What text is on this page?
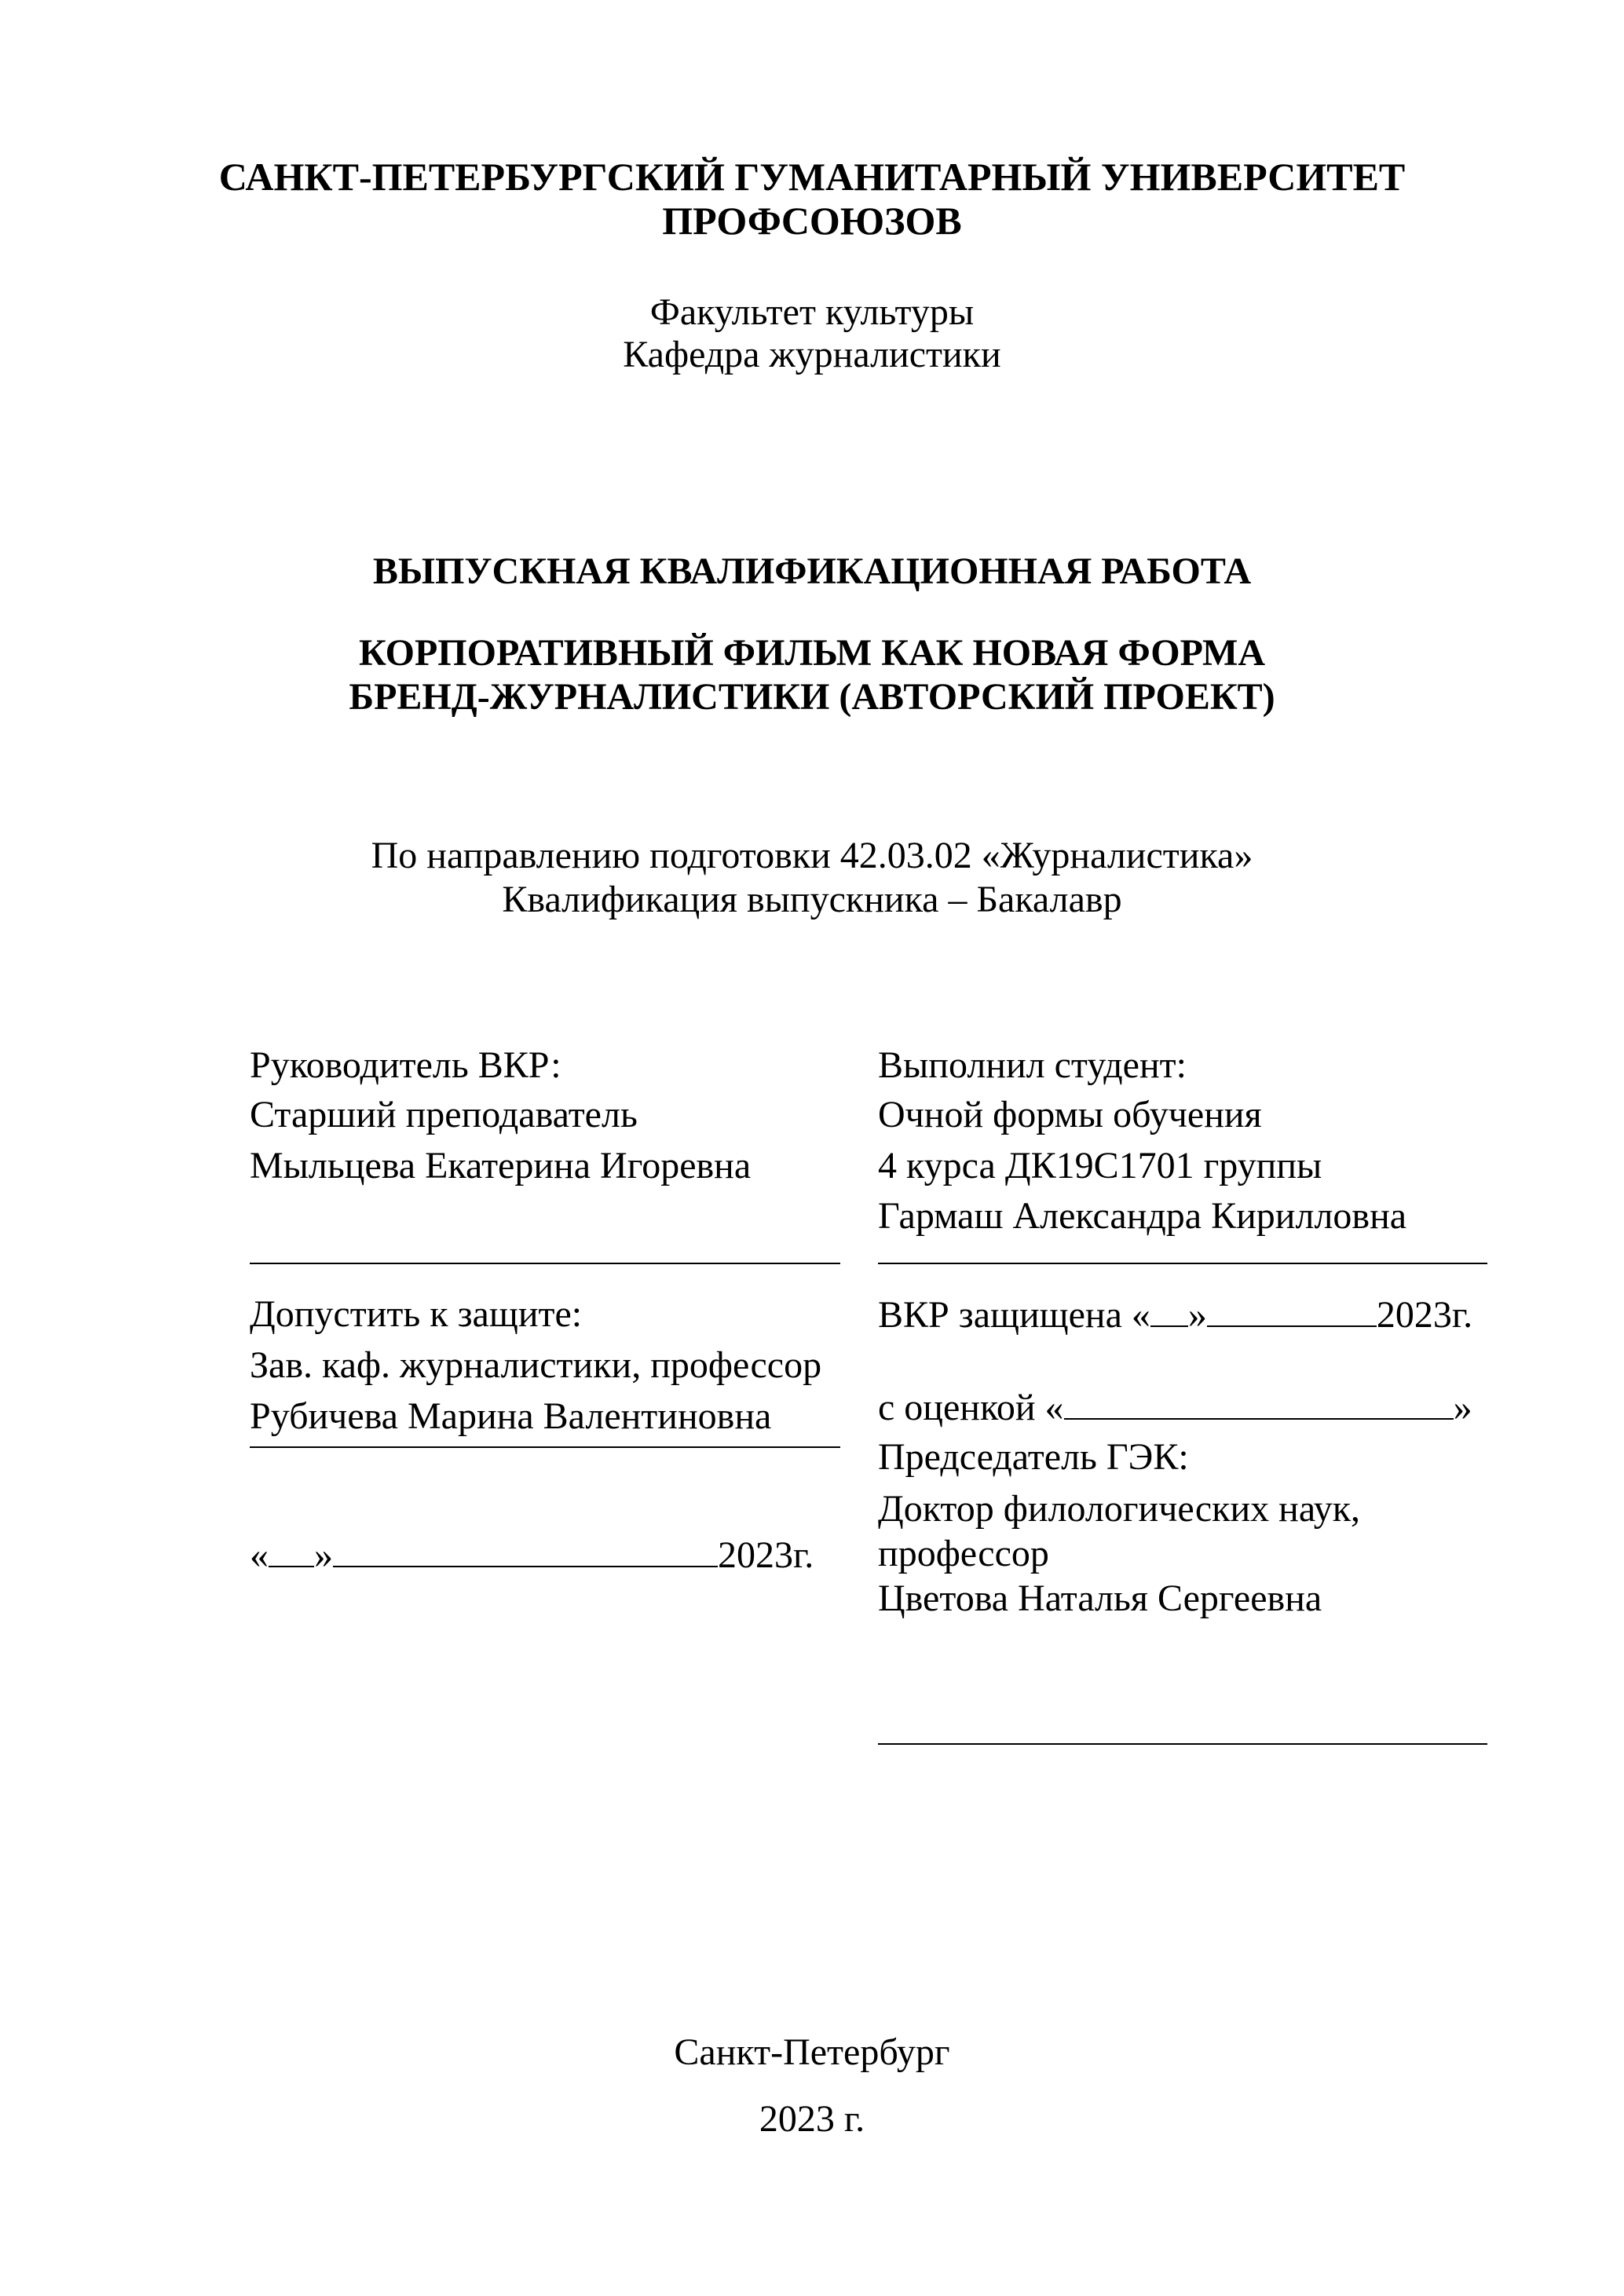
САНКТ-ПЕТЕРБУРГСКИЙ ГУМАНИТАРНЫЙ УНИВЕРСИТЕТ
ПРОФСОЮЗОВ
Факультет культуры
Кафедра журналистики
ВЫПУСКНАЯ КВАЛИФИКАЦИОННАЯ РАБОТА
КОРПОРАТИВНЫЙ ФИЛЬМ КАК НОВАЯ ФОРМА
БРЕНД-ЖУРНАЛИСТИКИ (АВТОРСКИЙ ПРОЕКТ)
По направлению подготовки 42.03.02 «Журналистика»
Квалификация выпускника – Бакалавр
Руководитель ВКР:
Старший преподаватель
Мыльцева Екатерина Игоревна
Допустить к защите:
Зав. каф. журналистики, профессор
Рубичева Марина Валентиновна
« »	2023г.
Выполнил студент:
Очной формы обучения
4 курса ДК19С1701 группы
Гармаш Александра Кирилловна
ВКР защищена « »	2023г.
с оценкой «	»
Председатель ГЭК:
Доктор филологических наук,
профессор
Цветова Наталья Сергеевна
Санкт-Петербург
2023 г.
